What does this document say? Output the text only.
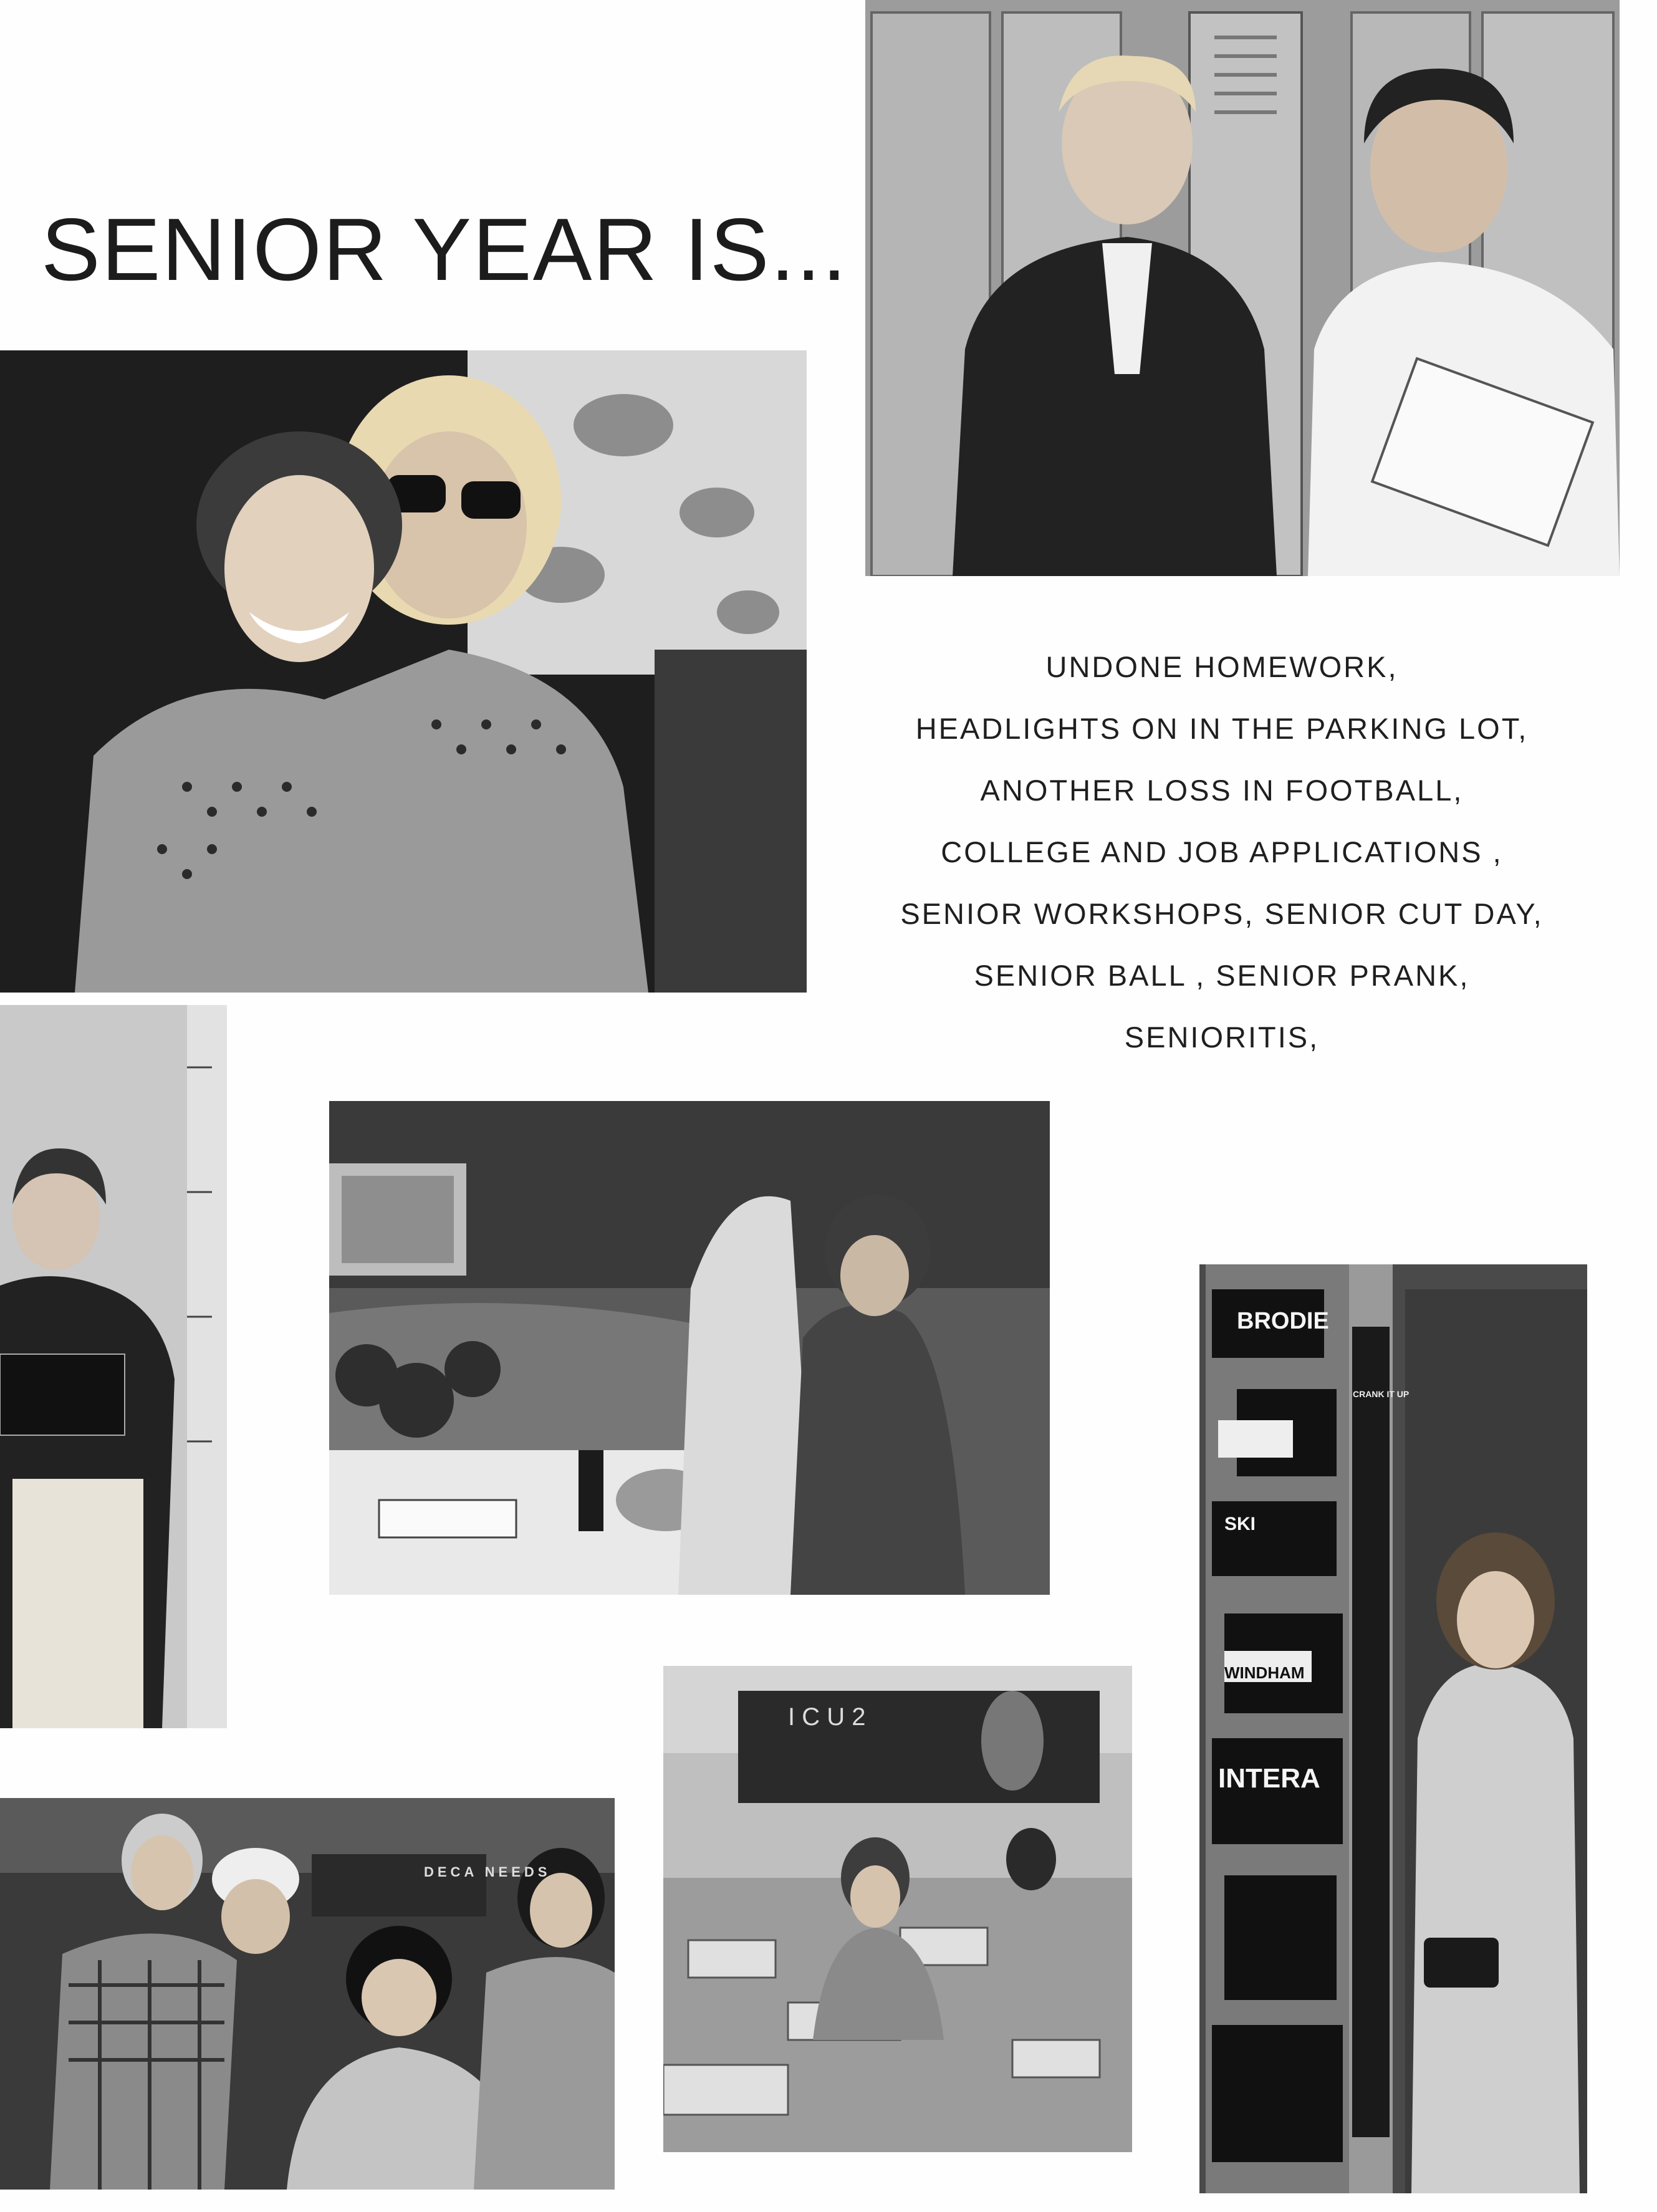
SENIOR YEAR IS...
UNDONE HOMEWORK,
HEADLIGHTS ON IN THE PARKING LOT,
ANOTHER LOSS IN FOOTBALL,
COLLEGE AND JOB APPLICATIONS ,
SENIOR WORKSHOPS, SENIOR CUT DAY,
SENIOR BALL , SENIOR PRANK,
SENIORITIS,
BRODIE
SKI
INTERA
WINDHAM
CRANK IT UP
I C U 2
DECA NEEDS
